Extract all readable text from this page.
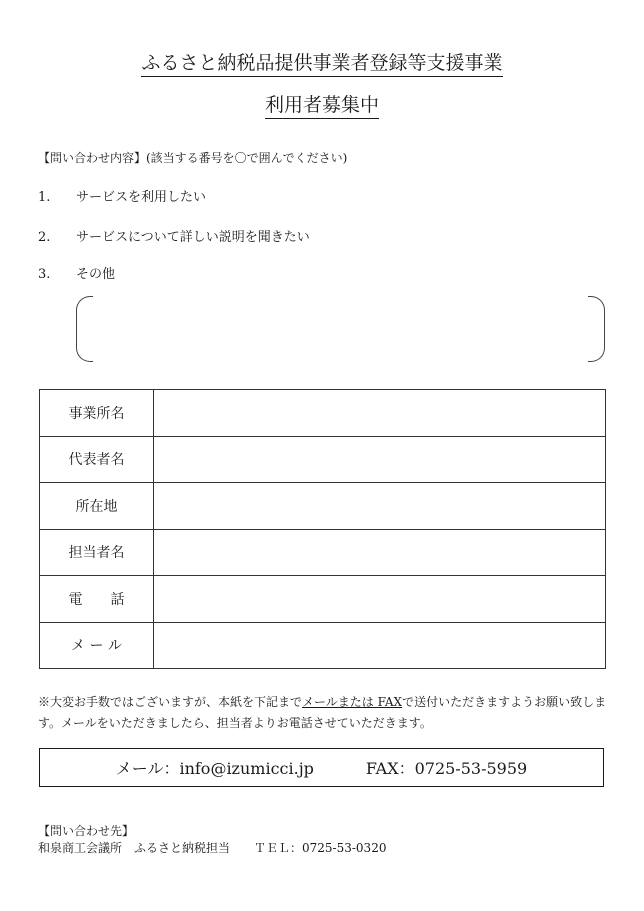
ふるさと納税品提供事業者登録等支援事業
利用者募集中
【問い合わせ内容】(該当する番号を〇で囲んでください)
1. サービスを利用したい
2. サービスについて詳しい説明を聞きたい
3. その他
事業所名	
代表者名	
所在地	
担当者名	
電　　話	
メ ー ル	
※大変お手数ではございますが、本紙を下記までメールまたは FAXで送付いただきますようお願い致します。メールをいただきましたら、担当者よりお電話させていただきます。
メール：info@izumicci.jp	FAX：0725-53-5959
【問い合わせ先】
和泉商工会議所　ふるさと納税担当　　ＴＥＬ：0725-53-0320
